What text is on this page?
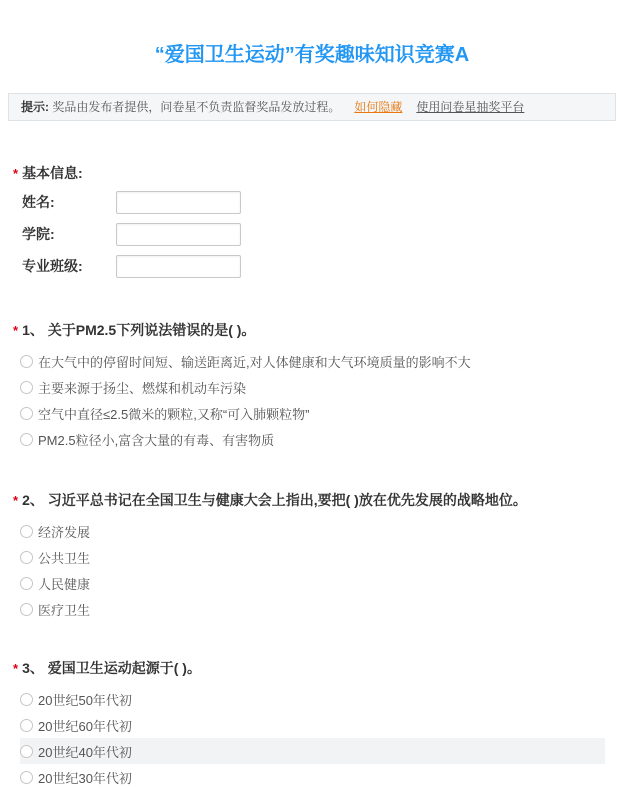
“爱国卫生运动”有奖趣味知识竞赛A
提示: 奖品由发布者提供，问卷星不负责监督奖品发放过程。 如何隐藏 使用问卷星抽奖平台
* 基本信息:
姓名:
学院:
专业班级:
* 1、 关于PM2.5下列说法错误的是( )。
在大气中的停留时间短、输送距离近,对人体健康和大气环境质量的影响不大
主要来源于扬尘、燃煤和机动车污染
空气中直径≤2.5微米的颗粒,又称“可入肺颗粒物”
PM2.5粒径小,富含大量的有毒、有害物质
* 2、 习近平总书记在全国卫生与健康大会上指出,要把( )放在优先发展的战略地位。
经济发展
公共卫生
人民健康
医疗卫生
* 3、 爱国卫生运动起源于( )。
20世纪50年代初
20世纪60年代初
20世纪40年代初
20世纪30年代初
